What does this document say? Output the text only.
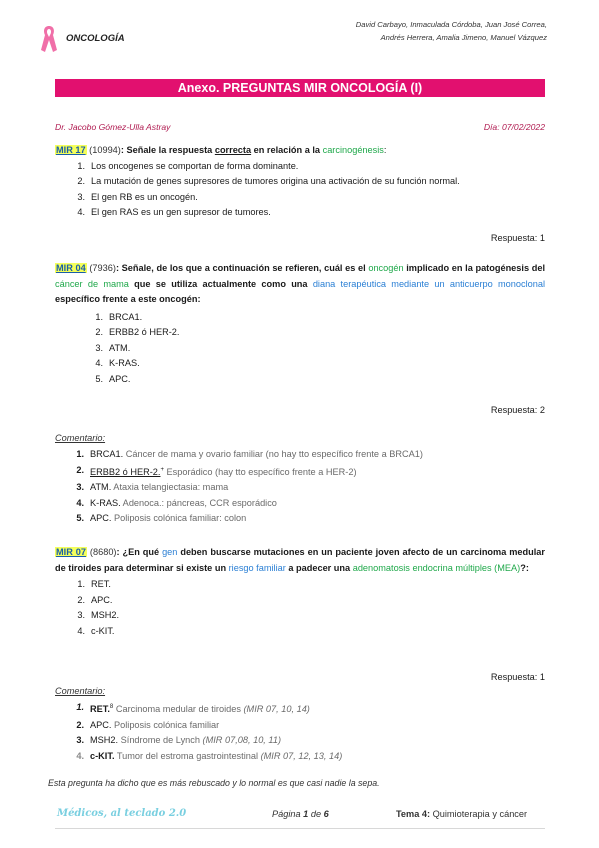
ONCOLOGÍA
David Carbayo, Inmaculada Córdoba, Juan José Correa,
Andrés Herrera, Amalia Jimeno, Manuel Vázquez
Anexo. PREGUNTAS MIR ONCOLOGÍA (I)
Dr. Jacobo Gómez-Ulla Astray	Día: 07/02/2022
MIR 17 (10994): Señale la respuesta correcta en relación a la carcinogénesis:
1. Los oncogenes se comportan de forma dominante.
2. La mutación de genes supresores de tumores origina una activación de su función normal.
3. El gen RB es un oncogén.
4. El gen RAS es un gen supresor de tumores.
Respuesta: 1
MIR 04 (7936): Señale, de los que a continuación se refieren, cuál es el oncogén implicado en la patogénesis del cáncer de mama que se utiliza actualmente como una diana terapéutica mediante un anticuerpo monoclonal específico frente a este oncogén:
1. BRCA1.
2. ERBB2 ó HER-2.
3. ATM.
4. K-RAS.
5. APC.
Respuesta: 2
Comentario:
1. BRCA1. Cáncer de mama y ovario familiar (no hay tto específico frente a BRCA1)
2. ERBB2 ó HER-2.+ Esporádico (hay tto específico frente a HER-2)
3. ATM. Ataxia telangiectasia: mama
4. K-RAS. Adenoca.: páncreas, CCR esporádico
5. APC. Poliposis colónica familiar: colon
MIR 07 (8680): ¿En qué gen deben buscarse mutaciones en un paciente joven afecto de un carcinoma medular de tiroides para determinar si existe un riesgo familiar a padecer una adenomatosis endocrina múltiples (MEA)?:
1. RET.
2. APC.
3. MSH2.
4. c-KIT.
Respuesta: 1
Comentario:
1. RET.$^8$ Carcinoma medular de tiroides (MIR 07, 10, 14)
2. APC. Poliposis colónica familiar
3. MSH2. Síndrome de Lynch (MIR 07,08, 10, 11)
4. c-KIT. Tumor del estroma gastrointestinal (MIR 07, 12, 13, 14)
Esta pregunta ha dicho que es más rebuscado y lo normal es que casi nadie la sepa.
Médicos, al teclado 2.0	Página 1 de 6	Tema 4: Quimioterapia y cáncer
